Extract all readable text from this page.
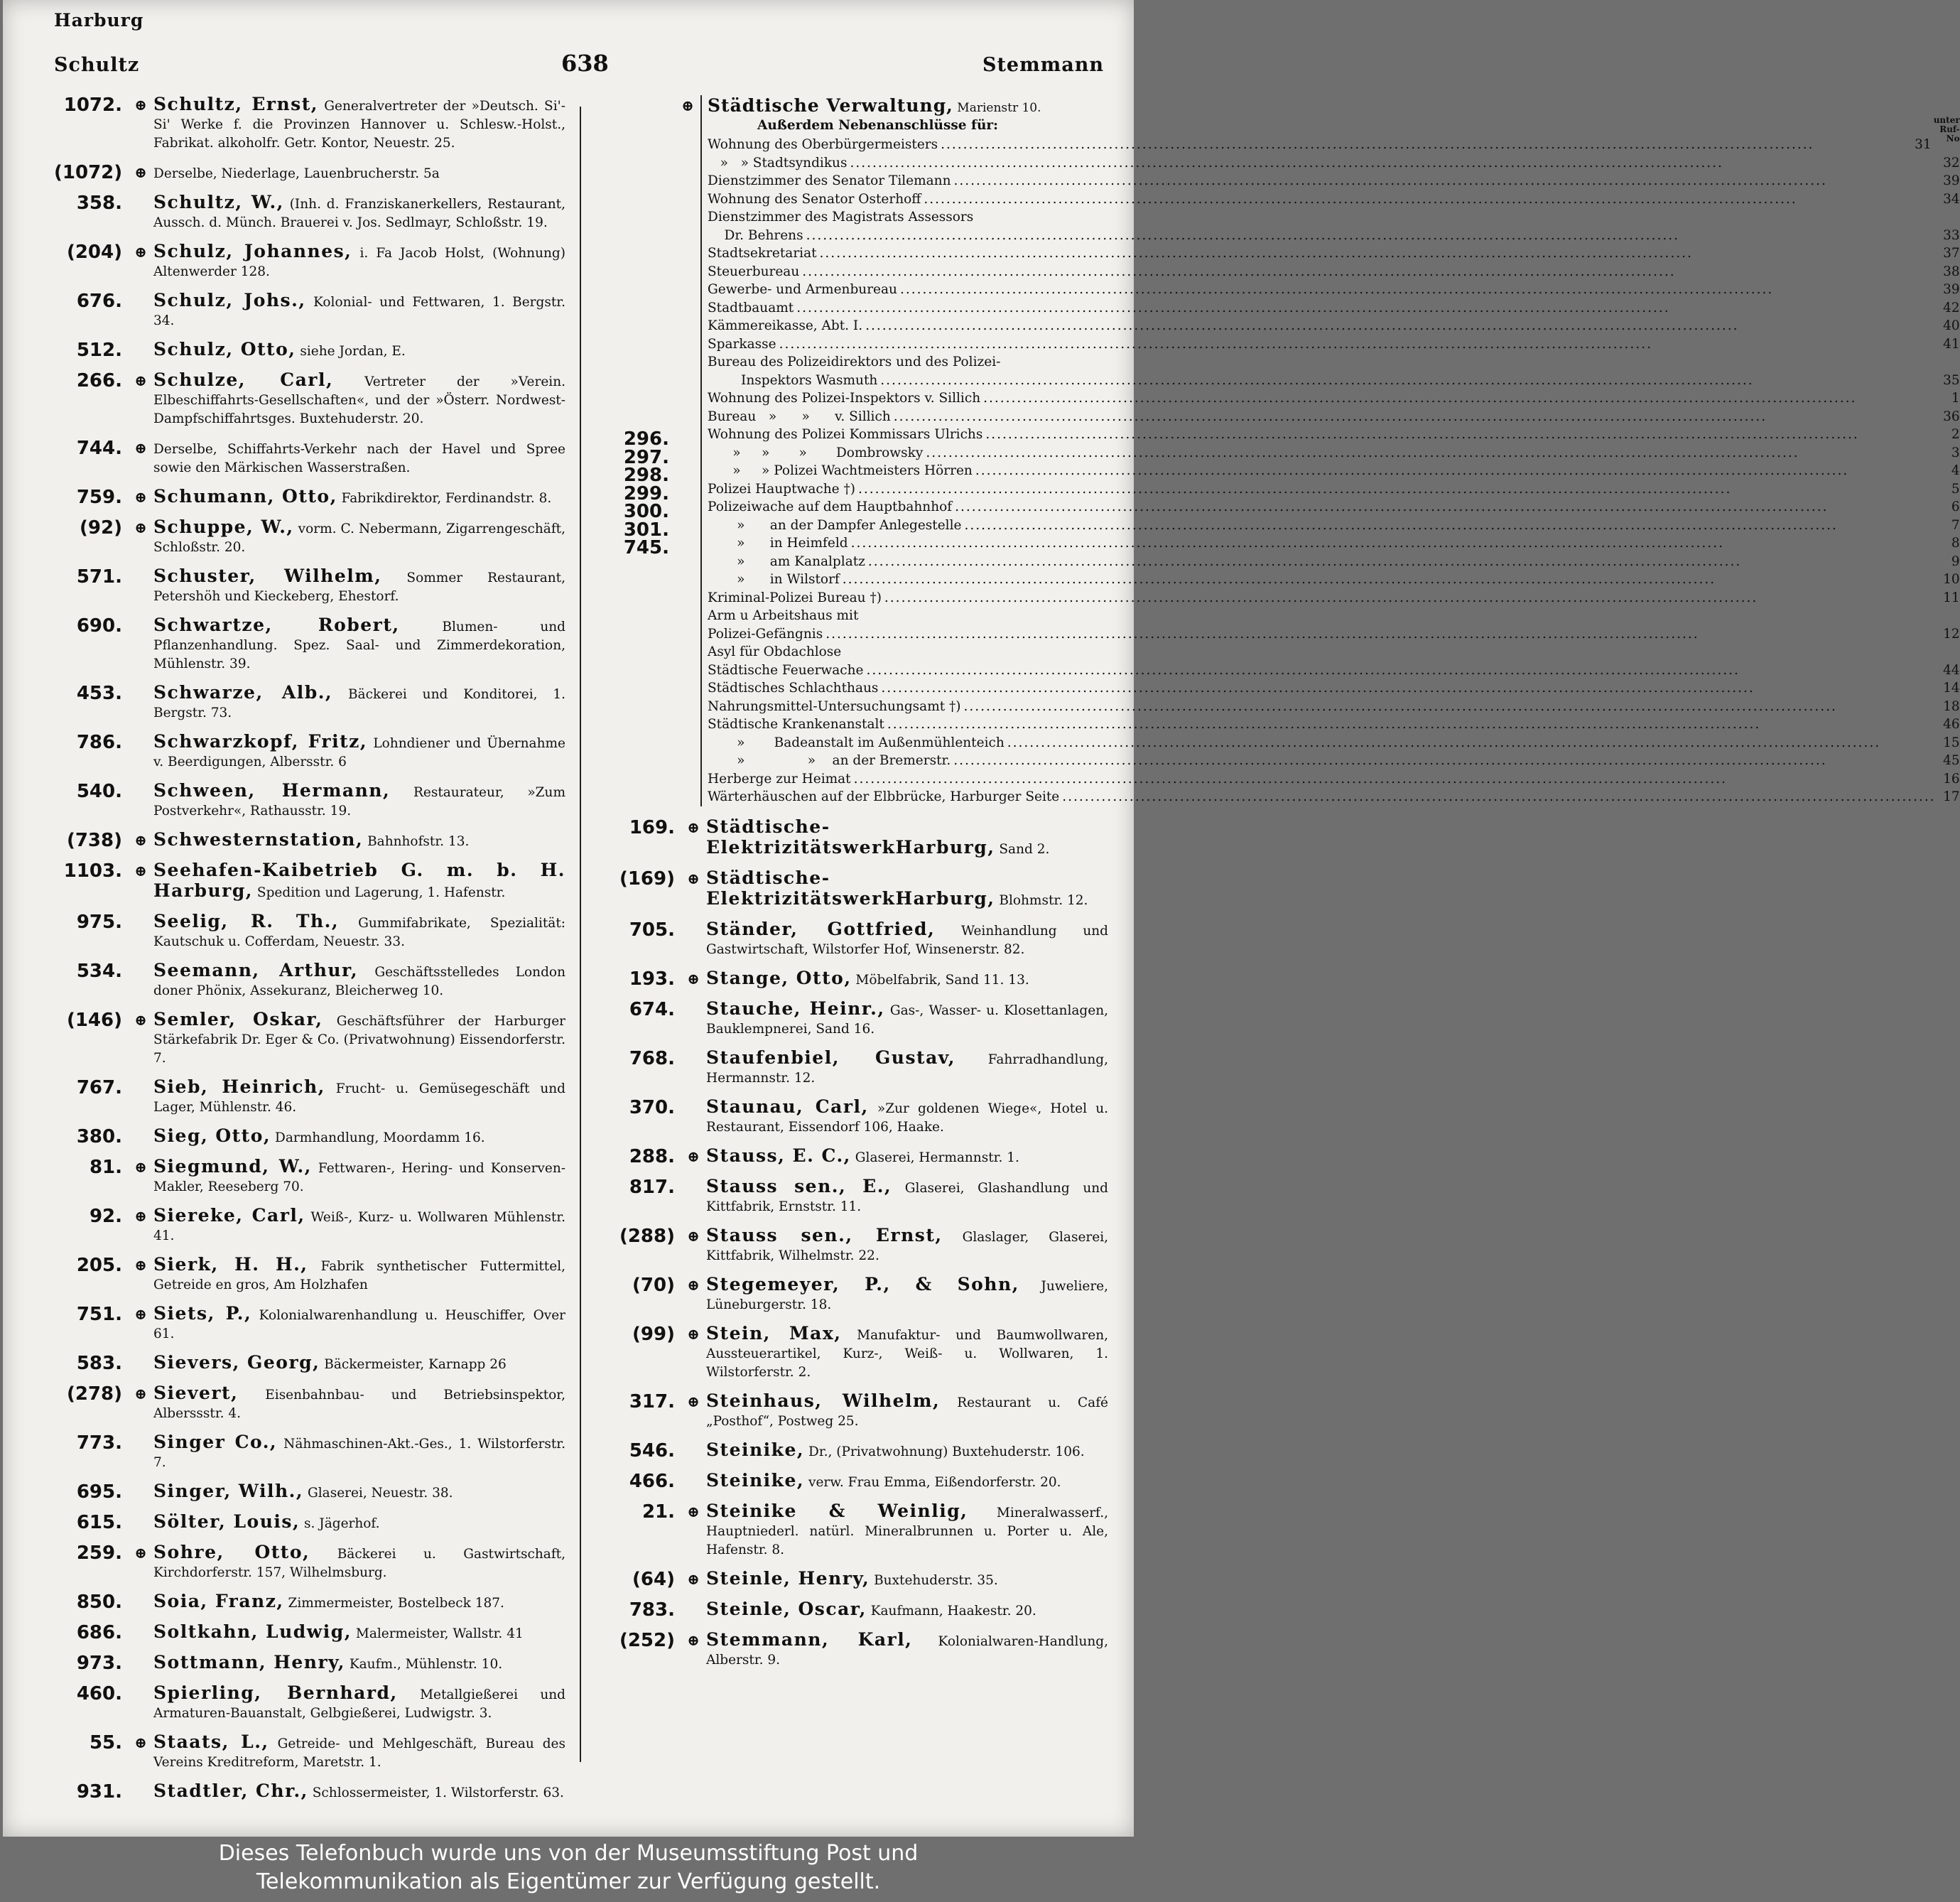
Harburg
Schultz	638	Stemmann
1072. ⊕ Schultz, Ernst, Generalvertreter der »Deutsch. Si'-Si' Werke f. die Provinzen Hannover u. Schlesw.-Holst., Fabrikat. alkoholfr. Getr. Kontor, Neuestr. 25.
(1072) ⊕ Derselbe, Niederlage, Lauenbrucherstr. 5a
358.	Schultz, W., (Inh. d. Franziskanerkellers, Restaurant, Aussch. d. Münch. Brauerei v. Jos. Sedlmayr, Schloßstr. 19.
(204) ⊕ Schulz, Johannes, i. Fa Jacob Holst, (Wohnung) Altenwerder 128.
676.	Schulz, Johs., Kolonial- und Fettwaren, 1. Bergstr. 34.
512.	Schulz, Otto, siehe Jordan, E.
266. ⊕ Schulze, Carl, Vertreter der »Verein. Elbeschiffahrts-Gesellschaften«, und der »Österr. Nordwest-Dampfschiffahrtsges. Buxtehuderstr. 20.
744. ⊕ Derselbe, Schiffahrts-Verkehr nach der Havel und Spree sowie den Märkischen Wasserstraßen.
759. ⊕ Schumann, Otto, Fabrikdirektor, Ferdinandstr. 8.
(92) ⊕ Schuppe, W., vorm. C. Nebermann, Zigarrengeschäft, Schloßstr. 20.
571.	Schuster, Wilhelm, Sommer Restaurant, Petershöh und Kieckeberg, Ehestorf.
690.	Schwartze, Robert, Blumen- und Pflanzenhandlung. Spez. Saal- und Zimmerdekoration, Mühlenstr. 39.
453.	Schwarze, Alb., Bäckerei und Konditorei, 1. Bergstr. 73.
786.	Schwarzkopf, Fritz, Lohndiener und Übernahme v. Beerdigungen, Albersstr. 6
540.	Schween, Hermann, Restaurateur, »Zum Postverkehr«, Rathausstr. 19.
(738) ⊕ Schwesternstation, Bahnhofstr. 13.
1103. ⊕ Seehafen-Kaibetrieb G. m. b. H. Harburg, Spedition und Lagerung, 1. Hafenstr.
975.	Seelig, R. Th., Gummifabrikate, Spezialität: Kautschuk u. Cofferdam, Neuestr. 33.
534.	Seemann, Arthur, Geschäftsstelledes London doner Phönix, Assekuranz, Bleicherweg 10.
(146) ⊕ Semler, Oskar, Geschäftsführer der Harburger Stärkefabrik Dr. Eger & Co. (Privatwohnung) Eissendorferstr. 7.
767.	Sieb, Heinrich, Frucht- u. Gemüsegeschäft und Lager, Mühlenstr. 46.
380.	Sieg, Otto, Darmhandlung, Moordamm 16.
81. ⊕ Siegmund, W., Fettwaren-, Hering- und Konserven-Makler, Reeseberg 70.
92. ⊕ Siereke, Carl, Weiß-, Kurz- u. Wollwaren Mühlenstr. 41.
205. ⊕ Sierk, H. H., Fabrik synthetischer Futtermittel, Getreide en gros, Am Holzhafen
751. ⊕ Siets, P., Kolonialwarenhandlung u. Heuschiffer, Over 61.
583.	Sievers, Georg, Bäckermeister, Karnapp 26
(278) ⊕ Sievert, Eisenbahnbau- und Betriebsinspektor, Alberssstr. 4.
773.	Singer Co., Nähmaschinen-Akt.-Ges., 1. Wilstorferstr. 7.
695.	Singer, Wilh., Glaserei, Neuestr. 38.
615.	Sölter, Louis, s. Jägerhof.
259. ⊕ Sohre, Otto, Bäckerei u. Gastwirtschaft, Kirchdorferstr. 157, Wilhelmsburg.
850.	Soia, Franz, Zimmermeister, Bostelbeck 187.
686.	Soltkahn, Ludwig, Malermeister, Wallstr. 41
973.	Sottmann, Henry, Kaufm., Mühlenstr. 10.
460.	Spierling, Bernhard, Metallgießerei und Armaturen-Bauanstalt, Gelbgießerei, Ludwigstr. 3.
55. ⊕ Staats, L., Getreide- und Mehlgeschäft, Bureau des Vereins Kreditreform, Maretstr. 1.
931.	Stadtler, Chr., Schlossermeister, 1. Wilstorferstr. 63.
296.
297.
298.
299.
300.
301.
745.
⊕ Städtische Verwaltung, Marienstr 10.
Außerdem Nebenanschlüsse für:	unter Ruf-No
Wohnung des Oberbürgermeisters .....	31
»   » Stadtsyndikus .....	32
Dienstzimmer des Senator Tilemann .....	39
Wohnung des Senator Osterhoff .....	34
Dienstzimmer des Magistrats Assessors
Dr. Behrens .....	33
Stadtsekretariat .....	37
Steuerbureau .....	38
Gewerbe- und Armenbureau .....	39
Stadtbauamt .....	42
Kämmereikasse, Abt. I. .....	40
Sparkasse .....	41
Bureau des Polizeidirektors und des Polizei-
Inspektors Wasmuth .....	35
Wohnung des Polizei-Inspektors v. Sillich .....	1
Bureau   »      »      v. Sillich .....	36
Wohnung des Polizei Kommissars Ulrichs .....	2
»     »       »       Dombrowsky .....	3
»     » Polizei Wachtmeisters Hörren .....	4
Polizei Hauptwache †) .....	5
Polizeiwache auf dem Hauptbahnhof .....	6
»      an der Dampfer Anlegestelle .....	7
»      in Heimfeld .....	8
»      am Kanalplatz .....	9
»      in Wilstorf .....	10
Kriminal-Polizei Bureau †) .....	11
Arm u Arbeitshaus mit
Polizei-Gefängnis .....	12
Asyl für Obdachlose
Städtische Feuerwache .....	44
Städtisches Schlachthaus .....	14
Nahrungsmittel-Untersuchungsamt †) .....	18
Städtische Krankenanstalt .....	46
»       Badeanstalt im Außenmühlenteich .....	15
»               »    an der Bremerstr. .....	45
Herberge zur Heimat .....	16
Wärterhäuschen auf der Elbbrücke, Harburger Seite .....	17
169. ⊕ Städtische-ElektrizitätswerkHarburg, Sand 2.
(169) ⊕ Städtische-ElektrizitätswerkHarburg, Blohmstr. 12.
705.	Ständer, Gottfried, Weinhandlung und Gastwirtschaft, Wilstorfer Hof, Winsenerstr. 82.
193. ⊕ Stange, Otto, Möbelfabrik, Sand 11. 13.
674.	Stauche, Heinr., Gas-, Wasser- u. Klosettanlagen, Bauklempnerei, Sand 16.
768.	Staufenbiel, Gustav, Fahrradhandlung, Hermannstr. 12.
370.	Staunau, Carl, »Zur goldenen Wiege«, Hotel u. Restaurant, Eissendorf 106, Haake.
288. ⊕ Stauss, E. C., Glaserei, Hermannstr. 1.
817.	Stauss sen., E., Glaserei, Glashandlung und Kittfabrik, Ernststr. 11.
(288) ⊕ Stauss sen., Ernst, Glaslager, Glaserei, Kittfabrik, Wilhelmstr. 22.
(70) ⊕ Stegemeyer, P., & Sohn, Juweliere, Lüneburgerstr. 18.
(99) ⊕ Stein, Max, Manufaktur- und Baumwollwaren, Aussteuerartikel, Kurz-, Weiß- u. Wollwaren, 1. Wilstorferstr. 2.
317. ⊕ Steinhaus, Wilhelm, Restaurant u. Café „Posthof“, Postweg 25.
546.	Steinike, Dr., (Privatwohnung) Buxtehuderstr. 106.
466.	Steinike, verw. Frau Emma, Eißendorferstr. 20.
21. ⊕ Steinike & Weinlig, Mineralwasserf., Hauptniederl. natürl. Mineralbrunnen u. Porter u. Ale, Hafenstr. 8.
(64) ⊕ Steinle, Henry, Buxtehuderstr. 35.
783.	Steinle, Oscar, Kaufmann, Haakestr. 20.
(252) ⊕ Stemmann, Karl, Kolonialwaren-Handlung, Alberstr. 9.
Dieses Telefonbuch wurde uns von der Museumsstiftung Post und
Telekommunikation als Eigentümer zur Verfügung gestellt.
